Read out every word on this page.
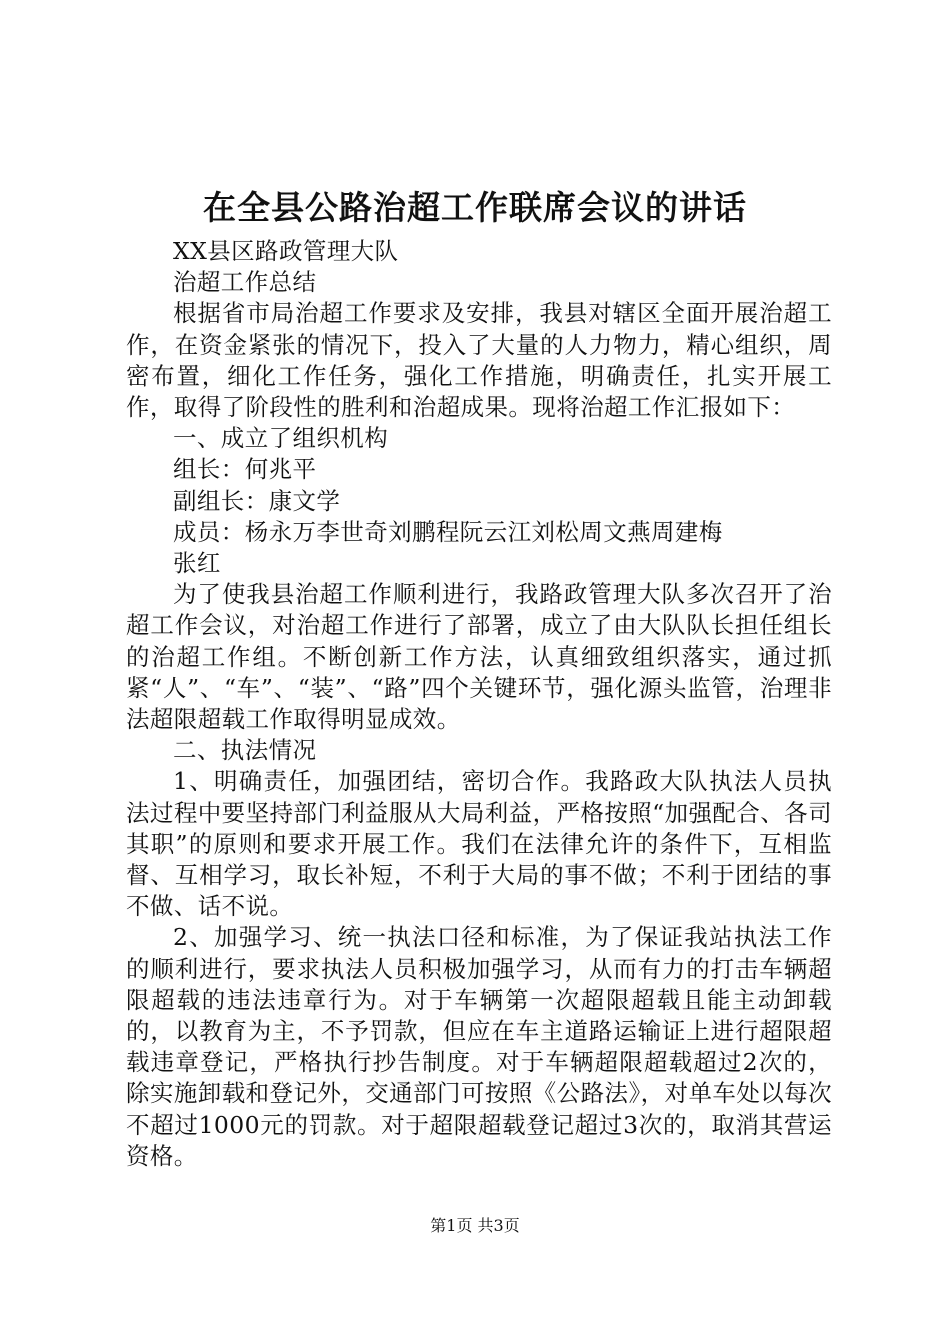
在全县公路治超工作联席会议的讲话

XX县区路政管理大队

治超工作总结

根据省市局治超工作要求及安排，我县对辖区全面开展治超工作，在资金紧张的情况下，投入了大量的人力物力，精心组织，周密布置，细化工作任务，强化工作措施，明确责任，扎实开展工作，取得了阶段性的胜利和治超成果。现将治超工作汇报如下：

一、成立了组织机构

组长：何兆平

副组长：康文学

成员：杨永万李世奇刘鹏程阮云江刘松周文燕周建梅

张红

为了使我县治超工作顺利进行，我路政管理大队多次召开了治超工作会议，对治超工作进行了部署，成立了由大队队长担任组长的治超工作组。不断创新工作方法，认真细致组织落实，通过抓紧“人”、“车”、“装”、“路”四个关键环节，强化源头监管，治理非法超限超载工作取得明显成效。

二、执法情况

1、明确责任，加强团结，密切合作。我路政大队执法人员执法过程中要坚持部门利益服从大局利益，严格按照“加强配合、各司其职”的原则和要求开展工作。我们在法律允许的条件下，互相监督、互相学习，取长补短，不利于大局的事不做；不利于团结的事不做、话不说。

2、加强学习、统一执法口径和标准，为了保证我站执法工作的顺利进行，要求执法人员积极加强学习，从而有力的打击车辆超限超载的违法违章行为。对于车辆第一次超限超载且能主动卸载的，以教育为主，不予罚款，但应在车主道路运输证上进行超限超载违章登记，严格执行抄告制度。对于车辆超限超载超过2次的，除实施卸载和登记外，交通部门可按照《公路法》，对单车处以每次不超过1000元的罚款。对于超限超载登记超过3次的，取消其营运资格。

第1页 共3页
